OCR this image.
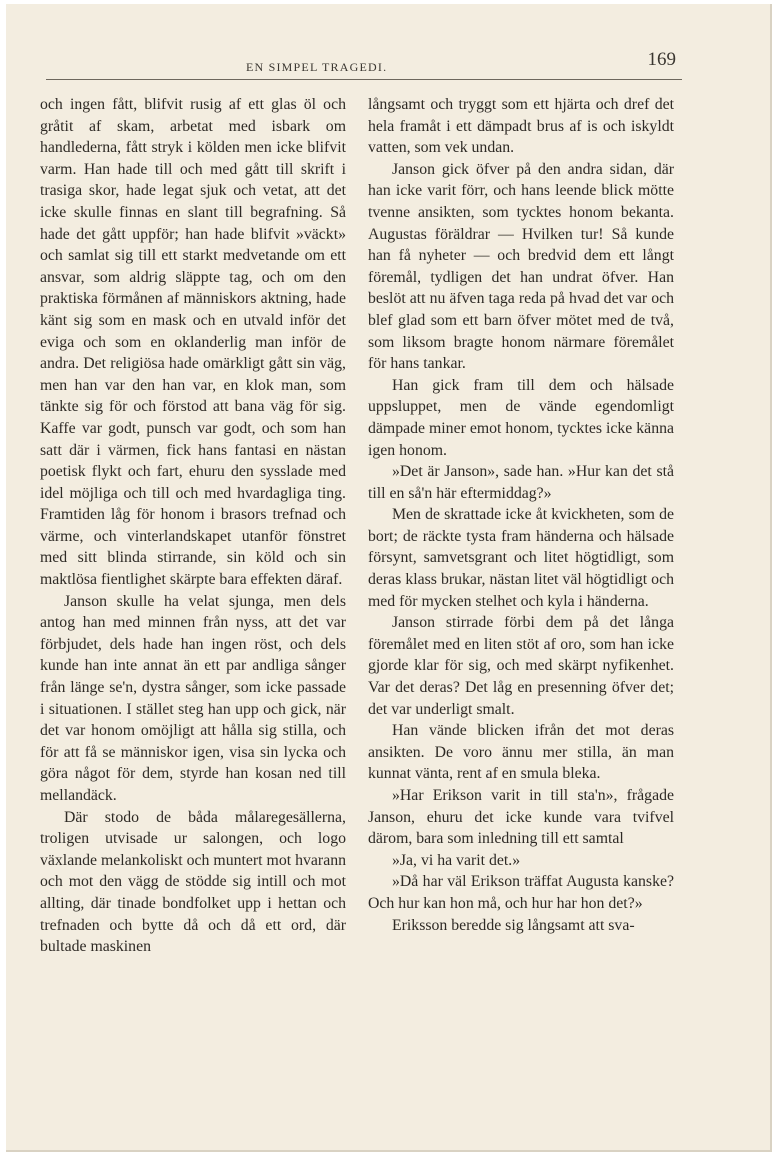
EN SIMPEL TRAGEDI.	169

och ingen fått, blifvit rusig af ett glas öl och gråtit af skam, arbetat med isbark om handlederna, fått stryk i kölden men icke blifvit varm. Han hade till och med gått till skrift i trasiga skor, hade legat sjuk och vetat, att det icke skulle finnas en slant till begrafning. Så hade det gått uppför; han hade blifvit »väckt» och samlat sig till ett starkt medvetande om ett ansvar, som aldrig släppte tag, och om den praktiska förmånen af människors aktning, hade känt sig som en mask och en utvald inför det eviga och som en oklanderlig man inför de andra. Det religiösa hade omärkligt gått sin väg, men han var den han var, en klok man, som tänkte sig för och förstod att bana väg för sig. Kaffe var godt, punsch var godt, och som han satt där i värmen, fick hans fantasi en nästan poetisk flykt och fart, ehuru den sysslade med idel möjliga och till och med hvardagliga ting. Framtiden låg för honom i brasors trefnad och värme, och vinterlandskapet utanför fönstret med sitt blinda stirrande, sin köld och sin maktlösa fientlighet skärpte bara effekten däraf.

Janson skulle ha velat sjunga, men dels antog han med minnen från nyss, att det var förbjudet, dels hade han ingen röst, och dels kunde han inte annat än ett par andliga sånger från länge se'n, dystra sånger, som icke passade i situationen. I stället steg han upp och gick, när det var honom omöjligt att hålla sig stilla, och för att få se människor igen, visa sin lycka och göra något för dem, styrde han kosan ned till mellandäck.

Där stodo de båda målaregesällerna, troligen utvisade ur salongen, och logo växlande melankoliskt och muntert mot hvarann och mot den vägg de stödde sig intill och mot allting, där tinade bondfolket upp i hettan och trefnaden och bytte då och då ett ord, där bultade maskinen

långsamt och tryggt som ett hjärta och dref det hela framåt i ett dämpadt brus af is och iskyldt vatten, som vek undan.

Janson gick öfver på den andra sidan, där han icke varit förr, och hans leende blick mötte tvenne ansikten, som tycktes honom bekanta. Augustas föräldrar — Hvilken tur! Så kunde han få nyheter — och bredvid dem ett långt föremål, tydligen det han undrat öfver. Han beslöt att nu äfven taga reda på hvad det var och blef glad som ett barn öfver mötet med de två, som liksom bragte honom närmare föremålet för hans tankar.

Han gick fram till dem och hälsade uppsluppet, men de vände egendomligt dämpade miner emot honom, tycktes icke känna igen honom.

»Det är Janson», sade han. »Hur kan det stå till en så'n här eftermiddag?»

Men de skrattade icke åt kvickheten, som de bort; de räckte tysta fram händerna och hälsade försynt, samvetsgrant och litet högtidligt, som deras klass brukar, nästan litet väl högtidligt och med för mycken stelhet och kyla i händerna.

Janson stirrade förbi dem på det långa föremålet med en liten stöt af oro, som han icke gjorde klar för sig, och med skärpt nyfikenhet. Var det deras? Det låg en presenning öfver det; det var underligt smalt.

Han vände blicken ifrån det mot deras ansikten. De voro ännu mer stilla, än man kunnat vänta, rent af en smula bleka.

»Har Erikson varit in till sta'n», frågade Janson, ehuru det icke kunde vara tvifvel därom, bara som inledning till ett samtal

»Ja, vi ha varit det.»

»Då har väl Erikson träffat Augusta kanske? Och hur kan hon må, och hur har hon det?»

Eriksson beredde sig långsamt att sva-
